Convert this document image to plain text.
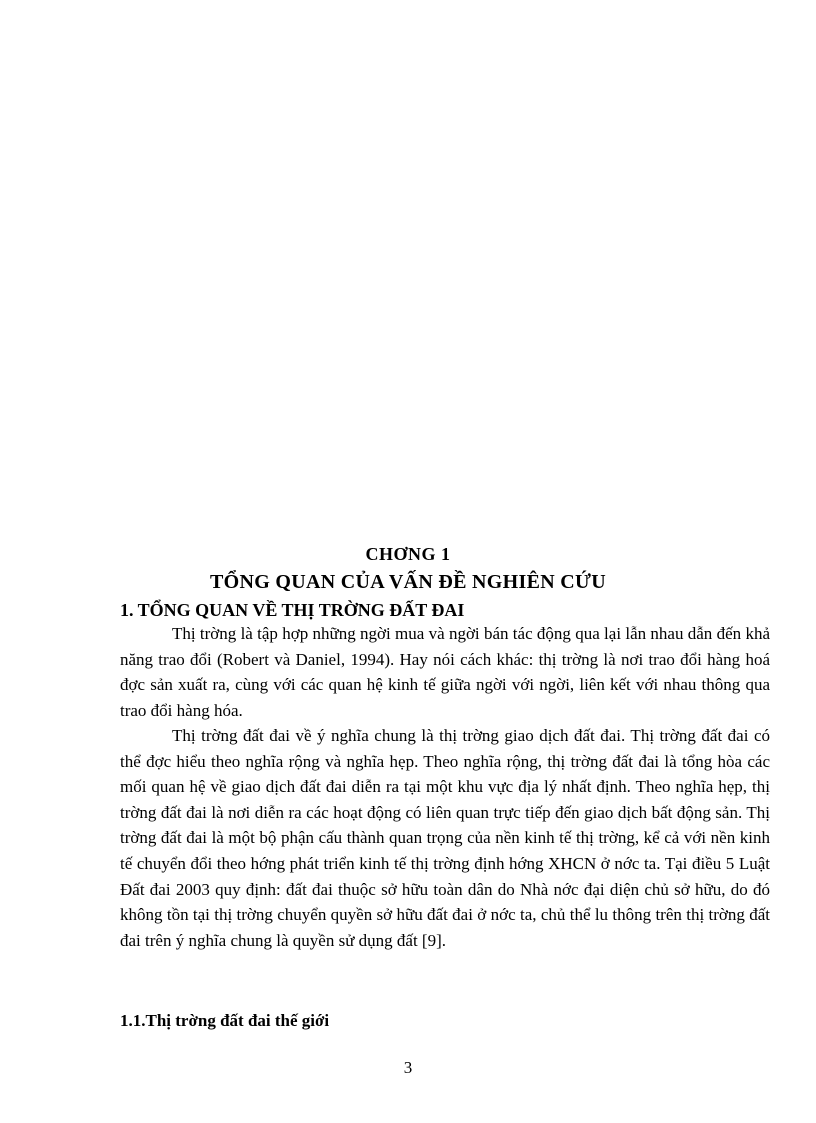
CHƠNG 1
TỔNG QUAN CỦA VẤN ĐỀ NGHIÊN CỨU
1. TỔNG QUAN VỀ THỊ TRỜNG ĐẤT ĐAI

Thị trờng là tập hợp những ngời mua và ngời bán tác động qua lại lẫn nhau dẫn đến khả năng trao đổi (Robert và Daniel, 1994). Hay nói cách khác: thị trờng là nơi trao đổi hàng hoá đợc sản xuất ra, cùng với các quan hệ kinh tế giữa ngời với ngời, liên kết với nhau thông qua trao đổi hàng hóa.

Thị trờng đất đai về ý nghĩa chung là thị trờng giao dịch đất đai. Thị trờng đất đai có thể đợc hiểu theo nghĩa rộng và nghĩa hẹp. Theo nghĩa rộng, thị trờng đất đai là tổng hòa các mối quan hệ về giao dịch đất đai diễn ra tại một khu vực địa lý nhất định. Theo nghĩa hẹp, thị trờng đất đai là nơi diễn ra các hoạt động có liên quan trực tiếp đến giao dịch bất động sản. Thị trờng đất đai là một bộ phận cấu thành quan trọng của nền kinh tế thị trờng, kể cả với nền kinh tế chuyển đổi theo hớng phát triển kinh tế thị trờng định hớng XHCN ở nớc ta. Tại điều 5 Luật Đất đai 2003 quy định: đất đai thuộc sở hữu toàn dân do Nhà nớc đại diện chủ sở hữu, do đó không tồn tại thị trờng chuyển quyền sở hữu đất đai ở nớc ta, chủ thể lu thông trên thị trờng đất đai trên ý nghĩa chung là quyền sử dụng đất [9].

1.1.Thị trờng đất đai thế giới
3
